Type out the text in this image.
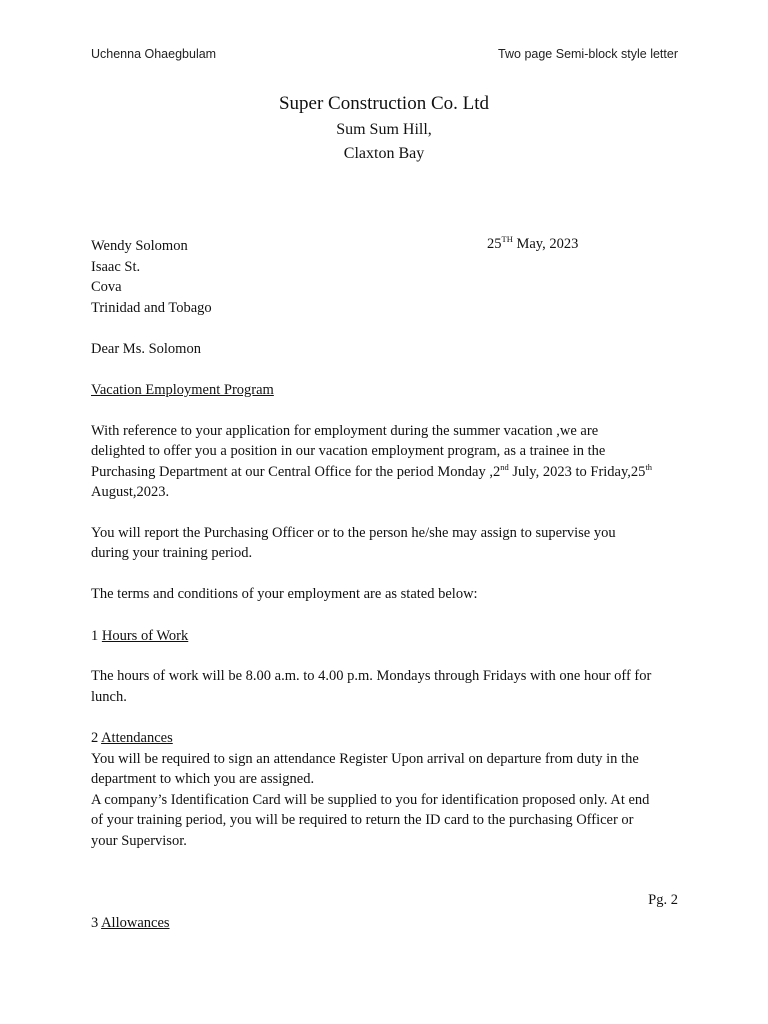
Uchenna Ohaegbulam	Two page Semi-block style letter
Super Construction Co. Ltd
Sum Sum Hill,
Claxton Bay
Wendy Solomon	25TH May, 2023
Isaac St.
Cova
Trinidad and Tobago
Dear Ms. Solomon
Vacation Employment Program
With reference to your application for employment during the summer vacation ,we are
delighted to offer you a position in our vacation employment program, as a trainee in the
Purchasing Department at our Central Office for the period Monday ,2nd July, 2023 to Friday,25th
August,2023.
You will report the Purchasing Officer or to the person he/she may assign to supervise you
during your training period.
The terms and conditions of your employment are as stated below:
1 Hours of Work
The hours of work will be 8.00 a.m. to 4.00 p.m. Mondays through Fridays with one hour off for
lunch.
2 Attendances
You will be required to sign an attendance Register Upon arrival on departure from duty in the
department to which you are assigned.
A company’s Identification Card will be supplied to you for identification proposed only. At end
of your training period, you will be required to return the ID card to the purchasing Officer or
your Supervisor.
Pg. 2
3 Allowances
